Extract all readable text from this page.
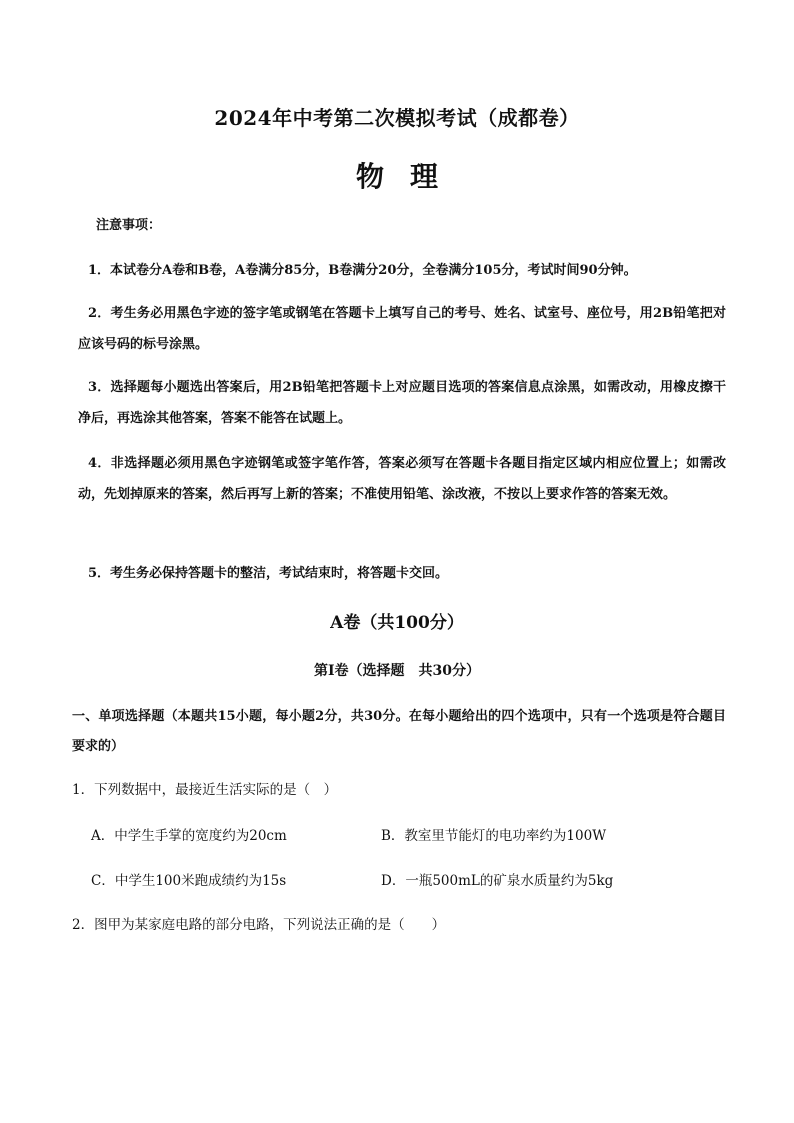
2024年中考第二次模拟考试（成都卷）
物理
注意事项：
1．本试卷分A卷和B卷，A卷满分85分，B卷满分20分，全卷满分105分，考试时间90分钟。
2．考生务必用黑色字迹的签字笔或钢笔在答题卡上填写自己的考号、姓名、试室号、座位号，用2B铅笔把对应该号码的标号涂黑。
3．选择题每小题选出答案后，用2B铅笔把答题卡上对应题目选项的答案信息点涂黑，如需改动，用橡皮擦干净后，再选涂其他答案，答案不能答在试题上。
4．非选择题必须用黑色字迹钢笔或签字笔作答，答案必须写在答题卡各题目指定区域内相应位置上；如需改动，先划掉原来的答案，然后再写上新的答案；不准使用铅笔、涂改液，不按以上要求作答的答案无效。
5．考生务必保持答题卡的整洁，考试结束时，将答题卡交回。
A卷（共100分）
第Ⅰ卷（选择题　共30分）
一、单项选择题（本题共15小题，每小题2分，共30分。在每小题给出的四个选项中，只有一个选项是符合题目要求的）
1．下列数据中，最接近生活实际的是（　）
A．中学生手掌的宽度约为20cm	B．教室里节能灯的电功率约为100W
C．中学生100米跑成绩约为15s	D．一瓶500mL的矿泉水质量约为5kg
2．图甲为某家庭电路的部分电路，下列说法正确的是（　　）
